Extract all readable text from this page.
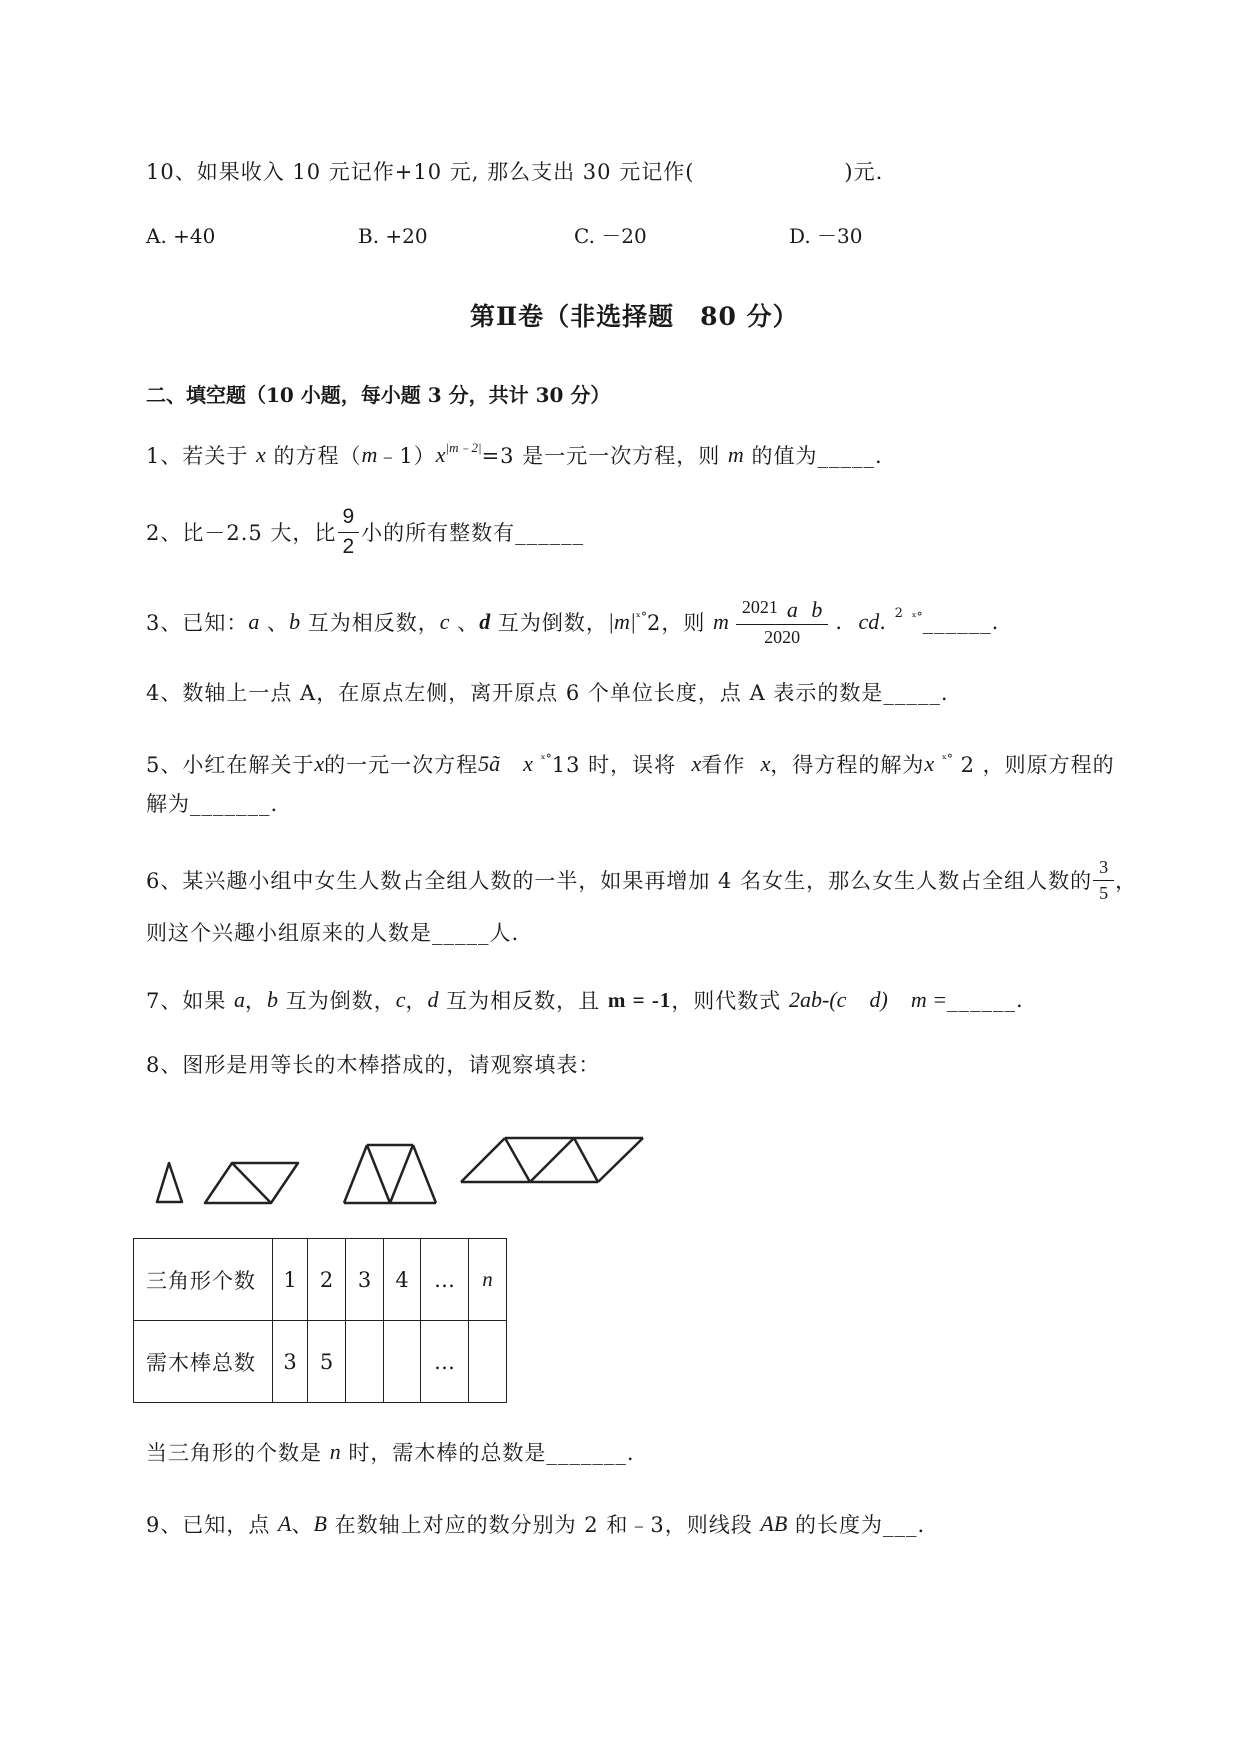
10、如果收入 10 元记作+10 元, 那么支出 30 元记作(	)元.
A. +40	B. +20	C. －20	D. －30
第Ⅱ卷（非选择题　80 分）
二、填空题（10 小题，每小题 3 分，共计 30 分）
1、若关于 x 的方程（ m ﹣1） x |m﹣2| =3 是一元一次方程，则 m 的值为_____.
2、比－2.5 大，比 $\frac{9}{2}$ 小的所有整数有______
3、已知： a 、 b 互为相反数， c 、 d 互为倒数， |m| ˣ° 2，则 m 2021
a
b
2020 .
cd .
2
ˣ° ______.
4、数轴上一点 A，在原点左侧，离开原点 6 个单位长度，点 A 表示的数是_____.
5、小红在解关于 x 的一元一次方程 5ã
x
ˣ° 13 时，误将
x 看作
x ，得方程的解为 x
ˣ° 2 ，则原方程的
解为_______.
6、某兴趣小组中女生人数占全组人数的一半，如果再增加 4 名女生，那么女生人数占全组人数的 $\frac{3}{5}$ ，
则这个兴趣小组原来的人数是_____人.
7、如果 a ， b 互为倒数， c ， d 互为相反数，且 m = -1 ，则代数式 2ab-(c
d)
m = ______.
8、图形是用等长的木棒搭成的，请观察填表：
三角形个数	1	2	3	4	…	n
需木棒总数	3	5			…	
当三角形的个数是 n 时，需木棒的总数是_______.
9、已知，点 A 、 B 在数轴上对应的数分别为 2 和﹣3，则线段 AB 的长度为___.
